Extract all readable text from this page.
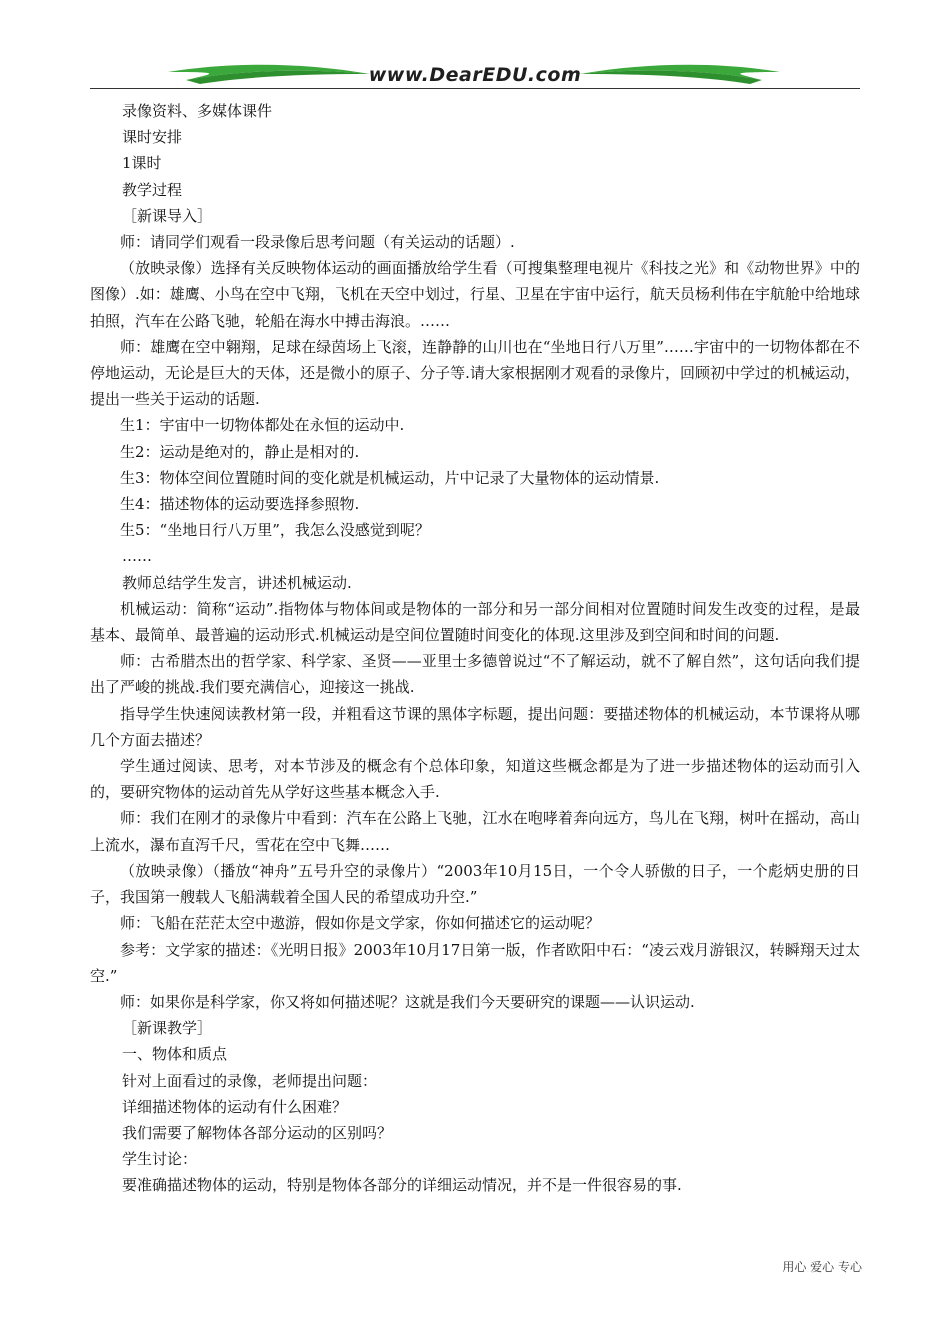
www.DearEDU.com

录像资料、多媒体课件

课时安排

1课时

教学过程

［新课导入］

师：请同学们观看一段录像后思考问题（有关运动的话题）.

（放映录像）选择有关反映物体运动的画面播放给学生看（可搜集整理电视片《科技之光》和《动物世界》中的图像）.如：雄鹰、小鸟在空中飞翔，飞机在天空中划过，行星、卫星在宇宙中运行，航天员杨利伟在宇航舱中给地球拍照，汽车在公路飞驰，轮船在海水中搏击海浪。……

师：雄鹰在空中翱翔，足球在绿茵场上飞滚，连静静的山川也在“坐地日行八万里”……宇宙中的一切物体都在不停地运动，无论是巨大的天体，还是微小的原子、分子等.请大家根据刚才观看的录像片，回顾初中学过的机械运动，提出一些关于运动的话题.

生1：宇宙中一切物体都处在永恒的运动中.

生2：运动是绝对的，静止是相对的.

生3：物体空间位置随时间的变化就是机械运动，片中记录了大量物体的运动情景.

生4：描述物体的运动要选择参照物.

生5：“坐地日行八万里”，我怎么没感觉到呢？

……

教师总结学生发言，讲述机械运动.

机械运动：简称“运动”.指物体与物体间或是物体的一部分和另一部分间相对位置随时间发生改变的过程，是最基本、最简单、最普遍的运动形式.机械运动是空间位置随时间变化的体现.这里涉及到空间和时间的问题.

师：古希腊杰出的哲学家、科学家、圣贤——亚里士多德曾说过“不了解运动，就不了解自然”，这句话向我们提出了严峻的挑战.我们要充满信心，迎接这一挑战.

指导学生快速阅读教材第一段，并粗看这节课的黑体字标题，提出问题：要描述物体的机械运动，本节课将从哪几个方面去描述？

学生通过阅读、思考，对本节涉及的概念有个总体印象，知道这些概念都是为了进一步描述物体的运动而引入的，要研究物体的运动首先从学好这些基本概念入手.

师：我们在刚才的录像片中看到：汽车在公路上飞驰，江水在咆哮着奔向远方，鸟儿在飞翔，树叶在摇动，高山上流水，瀑布直泻千尺，雪花在空中飞舞……

（放映录像）（播放“神舟”五号升空的录像片）“2003年10月15日，一个令人骄傲的日子，一个彪炳史册的日子，我国第一艘载人飞船满载着全国人民的希望成功升空.”

师：飞船在茫茫太空中遨游，假如你是文学家，你如何描述它的运动呢？

参考：文学家的描述：《光明日报》2003年10月17日第一版，作者欧阳中石：“凌云戏月游银汉，转瞬翔天过太空.”

师：如果你是科学家，你又将如何描述呢？这就是我们今天要研究的课题——认识运动.

［新课教学］

一、物体和质点

针对上面看过的录像，老师提出问题：

详细描述物体的运动有什么困难？

我们需要了解物体各部分运动的区别吗？

学生讨论：

要准确描述物体的运动，特别是物体各部分的详细运动情况，并不是一件很容易的事.

用心 爱心 专心
